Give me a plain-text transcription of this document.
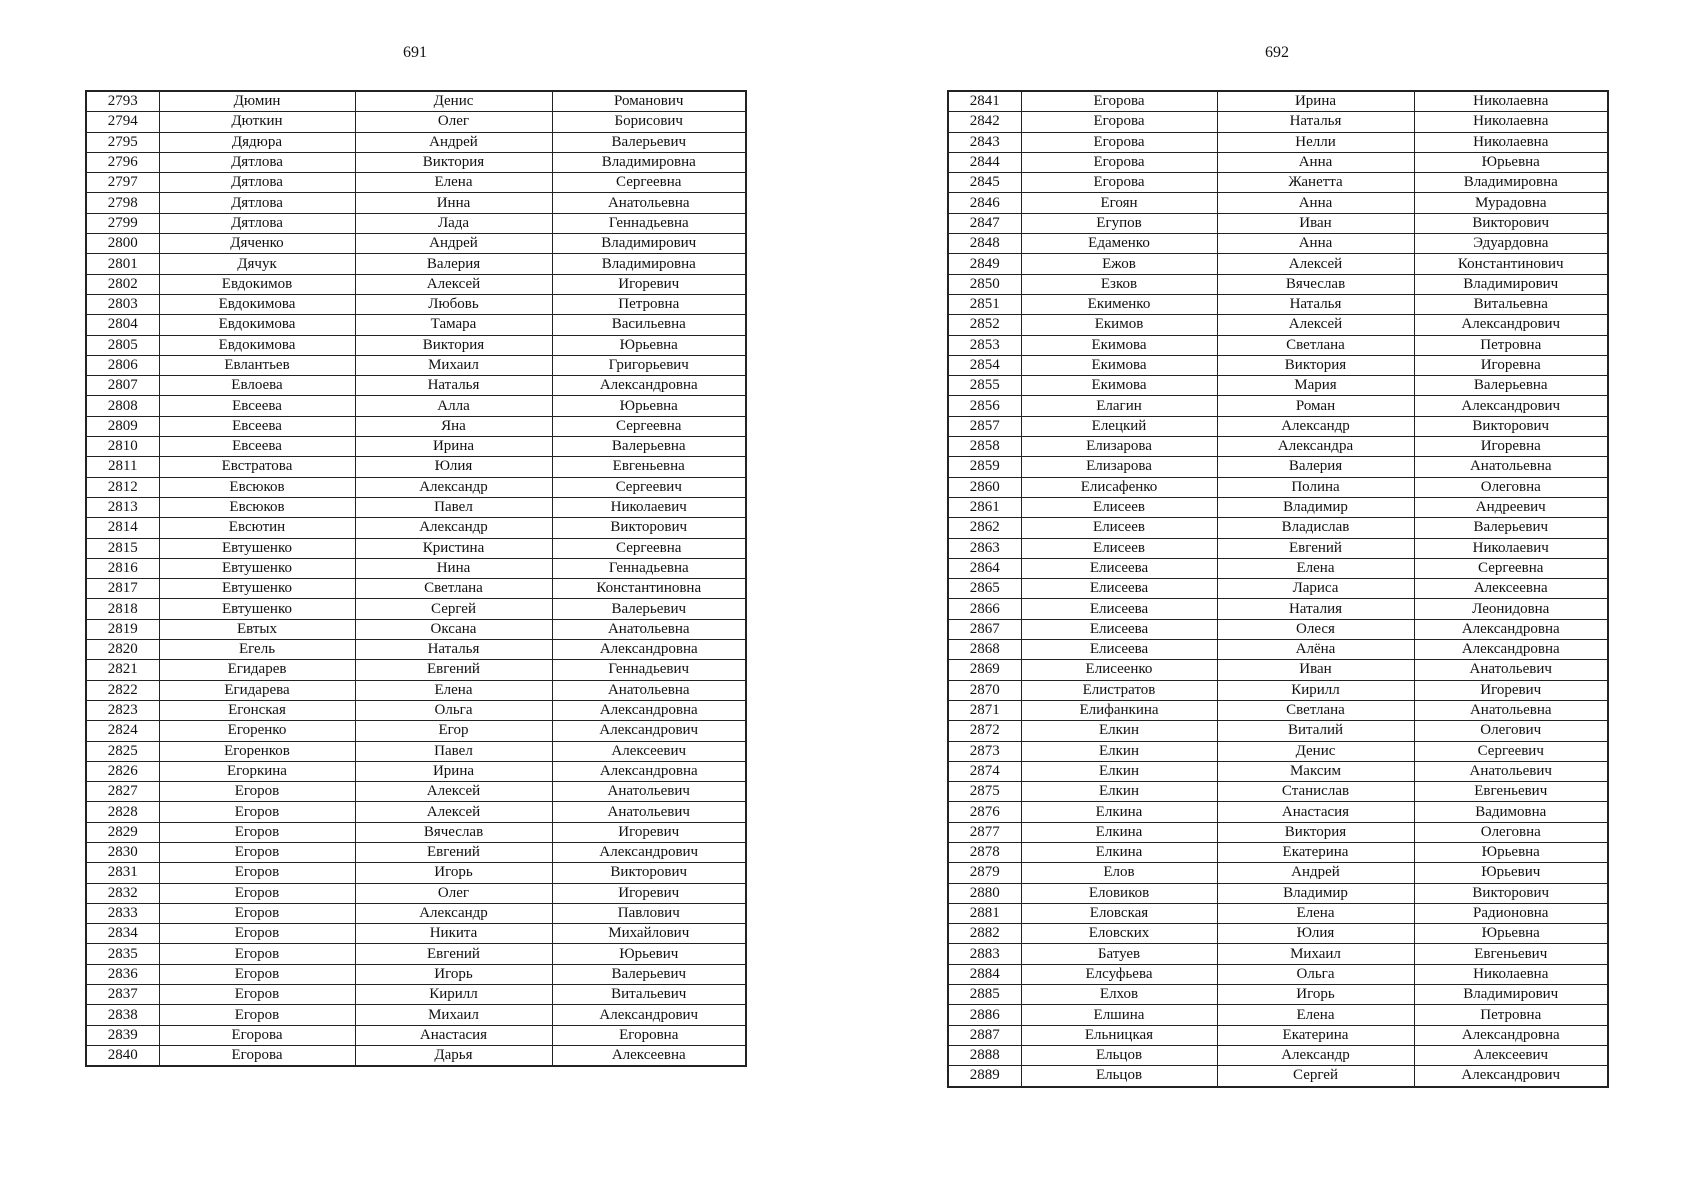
691
2793	Дюмин	Денис	Романович
2794	Дюткин	Олег	Борисович
2795	Дядюра	Андрей	Валерьевич
2796	Дятлова	Виктория	Владимировна
2797	Дятлова	Елена	Сергеевна
2798	Дятлова	Инна	Анатольевна
2799	Дятлова	Лада	Геннадьевна
2800	Дяченко	Андрей	Владимирович
2801	Дячук	Валерия	Владимировна
2802	Евдокимов	Алексей	Игоревич
2803	Евдокимова	Любовь	Петровна
2804	Евдокимова	Тамара	Васильевна
2805	Евдокимова	Виктория	Юрьевна
2806	Евлантьев	Михаил	Григорьевич
2807	Евлоева	Наталья	Александровна
2808	Евсеева	Алла	Юрьевна
2809	Евсеева	Яна	Сергеевна
2810	Евсеева	Ирина	Валерьевна
2811	Евстратова	Юлия	Евгеньевна
2812	Евсюков	Александр	Сергеевич
2813	Евсюков	Павел	Николаевич
2814	Евсютин	Александр	Викторович
2815	Евтушенко	Кристина	Сергеевна
2816	Евтушенко	Нина	Геннадьевна
2817	Евтушенко	Светлана	Константиновна
2818	Евтушенко	Сергей	Валерьевич
2819	Евтых	Оксана	Анатольевна
2820	Егель	Наталья	Александровна
2821	Егидарев	Евгений	Геннадьевич
2822	Егидарева	Елена	Анатольевна
2823	Егонская	Ольга	Александровна
2824	Егоренко	Егор	Александрович
2825	Егоренков	Павел	Алексеевич
2826	Егоркина	Ирина	Александровна
2827	Егоров	Алексей	Анатольевич
2828	Егоров	Алексей	Анатольевич
2829	Егоров	Вячеслав	Игоревич
2830	Егоров	Евгений	Александрович
2831	Егоров	Игорь	Викторович
2832	Егоров	Олег	Игоревич
2833	Егоров	Александр	Павлович
2834	Егоров	Никита	Михайлович
2835	Егоров	Евгений	Юрьевич
2836	Егоров	Игорь	Валерьевич
2837	Егоров	Кирилл	Витальевич
2838	Егоров	Михаил	Александрович
2839	Егорова	Анастасия	Егоровна
2840	Егорова	Дарья	Алексеевна
692
2841	Егорова	Ирина	Николаевна
2842	Егорова	Наталья	Николаевна
2843	Егорова	Нелли	Николаевна
2844	Егорова	Анна	Юрьевна
2845	Егорова	Жанетта	Владимировна
2846	Егоян	Анна	Мурадовна
2847	Егупов	Иван	Викторович
2848	Едаменко	Анна	Эдуардовна
2849	Ежов	Алексей	Константинович
2850	Езков	Вячеслав	Владимирович
2851	Екименко	Наталья	Витальевна
2852	Екимов	Алексей	Александрович
2853	Екимова	Светлана	Петровна
2854	Екимова	Виктория	Игоревна
2855	Екимова	Мария	Валерьевна
2856	Елагин	Роман	Александрович
2857	Елецкий	Александр	Викторович
2858	Елизарова	Александра	Игоревна
2859	Елизарова	Валерия	Анатольевна
2860	Елисафенко	Полина	Олеговна
2861	Елисеев	Владимир	Андреевич
2862	Елисеев	Владислав	Валерьевич
2863	Елисеев	Евгений	Николаевич
2864	Елисеева	Елена	Сергеевна
2865	Елисеева	Лариса	Алексеевна
2866	Елисеева	Наталия	Леонидовна
2867	Елисеева	Олеся	Александровна
2868	Елисеева	Алёна	Александровна
2869	Елисеенко	Иван	Анатольевич
2870	Елистратов	Кирилл	Игоревич
2871	Елифанкина	Светлана	Анатольевна
2872	Елкин	Виталий	Олегович
2873	Елкин	Денис	Сергеевич
2874	Елкин	Максим	Анатольевич
2875	Елкин	Станислав	Евгеньевич
2876	Елкина	Анастасия	Вадимовна
2877	Елкина	Виктория	Олеговна
2878	Елкина	Екатерина	Юрьевна
2879	Елов	Андрей	Юрьевич
2880	Еловиков	Владимир	Викторович
2881	Еловская	Елена	Радионовна
2882	Еловских	Юлия	Юрьевна
2883	Батуев	Михаил	Евгеньевич
2884	Елсуфьева	Ольга	Николаевна
2885	Елхов	Игорь	Владимирович
2886	Елшина	Елена	Петровна
2887	Ельницкая	Екатерина	Александровна
2888	Ельцов	Александр	Алексеевич
2889	Ельцов	Сергей	Александрович
